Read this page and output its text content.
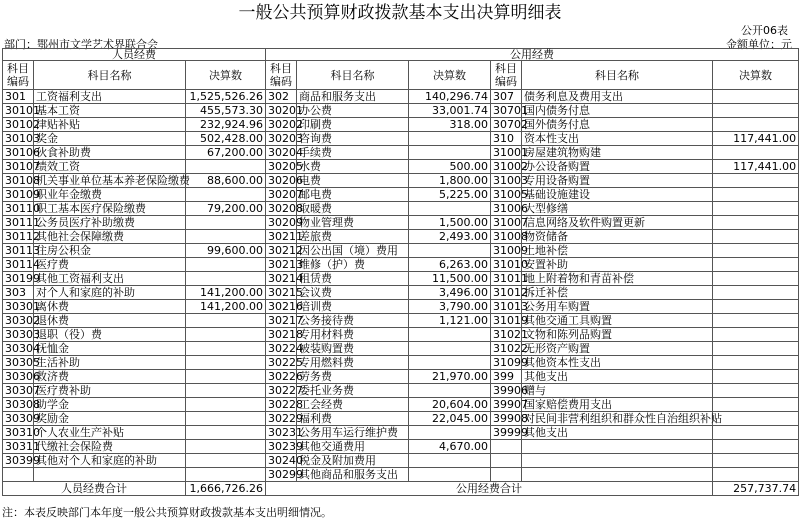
一般公共预算财政拨款基本支出决算明细表
公开06表
部门：鄂州市文学艺术界联合会	金额单位：元
人员经费			公用经费					
科目编码	科目名称	决算数	科目编码	科目名称	决算数	科目编码	科目名称	决算数
301	工资福利支出	1,525,526.26	302	商品和服务支出	140,296.74	307	债务利息及费用支出	
30101	基本工资	455,573.30	30201	办公费	33,001.74	30701	国内债务付息	
30102	津贴补贴	232,924.96	30202	印刷费	318.00	30702	国外债务付息	
30103	奖金	502,428.00	30203	咨询费		310	资本性支出	117,441.00
30106	伙食补助费	67,200.00	30204	手续费		31001	房屋建筑物购建	
30107	绩效工资		30205	水费	500.00	31002	办公设备购置	117,441.00
30108	机关事业单位基本养老保险缴费	88,600.00	30206	电费	1,800.00	31003	专用设备购置	
30109	职业年金缴费		30207	邮电费	5,225.00	31005	基础设施建设	
30110	职工基本医疗保险缴费	79,200.00	30208	取暖费		31006	大型修缮	
30111	公务员医疗补助缴费		30209	物业管理费	1,500.00	31007	信息网络及软件购置更新	
30112	其他社会保障缴费		30211	差旅费	2,493.00	31008	物资储备	
30113	住房公积金	99,600.00	30212	因公出国（境）费用		31009	土地补偿	
30114	医疗费		30213	维修（护）费	6,263.00	31010	安置补助	
30199	其他工资福利支出		30214	租赁费	11,500.00	31011	地上附着物和青苗补偿	
303	对个人和家庭的补助	141,200.00	30215	会议费	3,496.00	31012	拆迁补偿	
30301	离休费	141,200.00	30216	培训费	3,790.00	31013	公务用车购置	
30302	退休费		30217	公务接待费	1,121.00	31019	其他交通工具购置	
30303	退职（役）费		30218	专用材料费		31021	文物和陈列品购置	
30304	抚恤金		30224	被装购置费		31022	无形资产购置	
30305	生活补助		30225	专用燃料费		31099	其他资本性支出	
30306	救济费		30226	劳务费	21,970.00	399	其他支出	
30307	医疗费补助		30227	委托业务费		39906	赠与	
30308	助学金		30228	工会经费	20,604.00	39907	国家赔偿费用支出	
30309	奖励金		30229	福利费	22,045.00	39908	对民间非营利组织和群众性自治组织补贴	
30310	个人农业生产补贴		30231	公务用车运行维护费		39999	其他支出	
30311	代缴社会保险费		30239	其他交通费用	4,670.00			
30399	其他对个人和家庭的补助		30240	税金及附加费用				
			30299	其他商品和服务支出				
人员经费合计		1,666,726.26	公用经费合计					257,737.74
注：本表反映部门本年度一般公共预算财政拨款基本支出明细情况。
